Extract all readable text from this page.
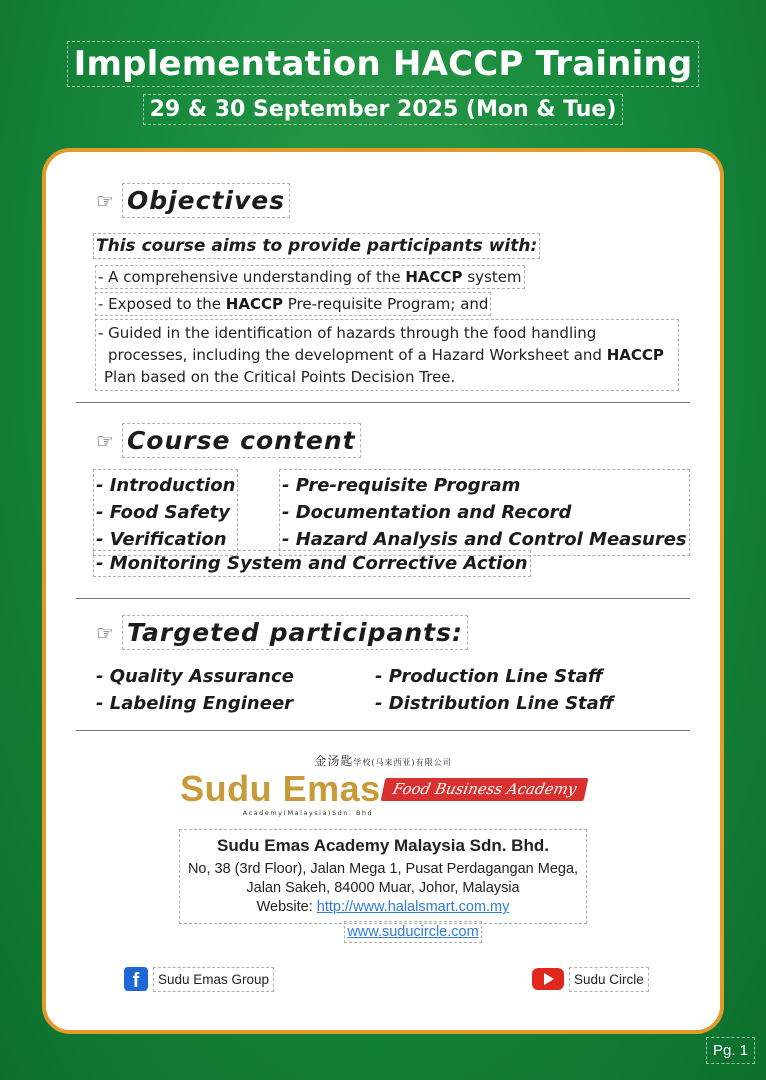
Implementation HACCP Training
29 & 30 September 2025 (Mon & Tue)
☞ Objectives
This course aims to provide participants with:
- A comprehensive understanding of the HACCP system
- Exposed to the HACCP Pre-requisite Program; and
- Guided in the identification of hazards through the food handling
processes, including the development of a Hazard Worksheet and HACCP
Plan based on the Critical Points Decision Tree.
☞ Course content
- Introduction
- Food Safety
- Verification
- Pre-requisite Program
- Documentation and Record
- Hazard Analysis and Control Measures
- Monitoring System and Corrective Action
☞ Targeted participants:
- Quality Assurance
- Labeling Engineer
- Production Line Staff
- Distribution Line Staff
金汤匙学校(马来西亚)有限公司
Sudu Emas Food Business Academy
Academy(Malaysia)Sdn. Bhd
Sudu Emas Academy Malaysia Sdn. Bhd.
No, 38 (3rd Floor), Jalan Mega 1, Pusat Perdagangan Mega,
Jalan Sakeh, 84000 Muar, Johor, Malaysia
Website: http://www.halalsmart.com.my
www.suducircle.com
f Sudu Emas Group	Sudu Circle
Pg. 1
